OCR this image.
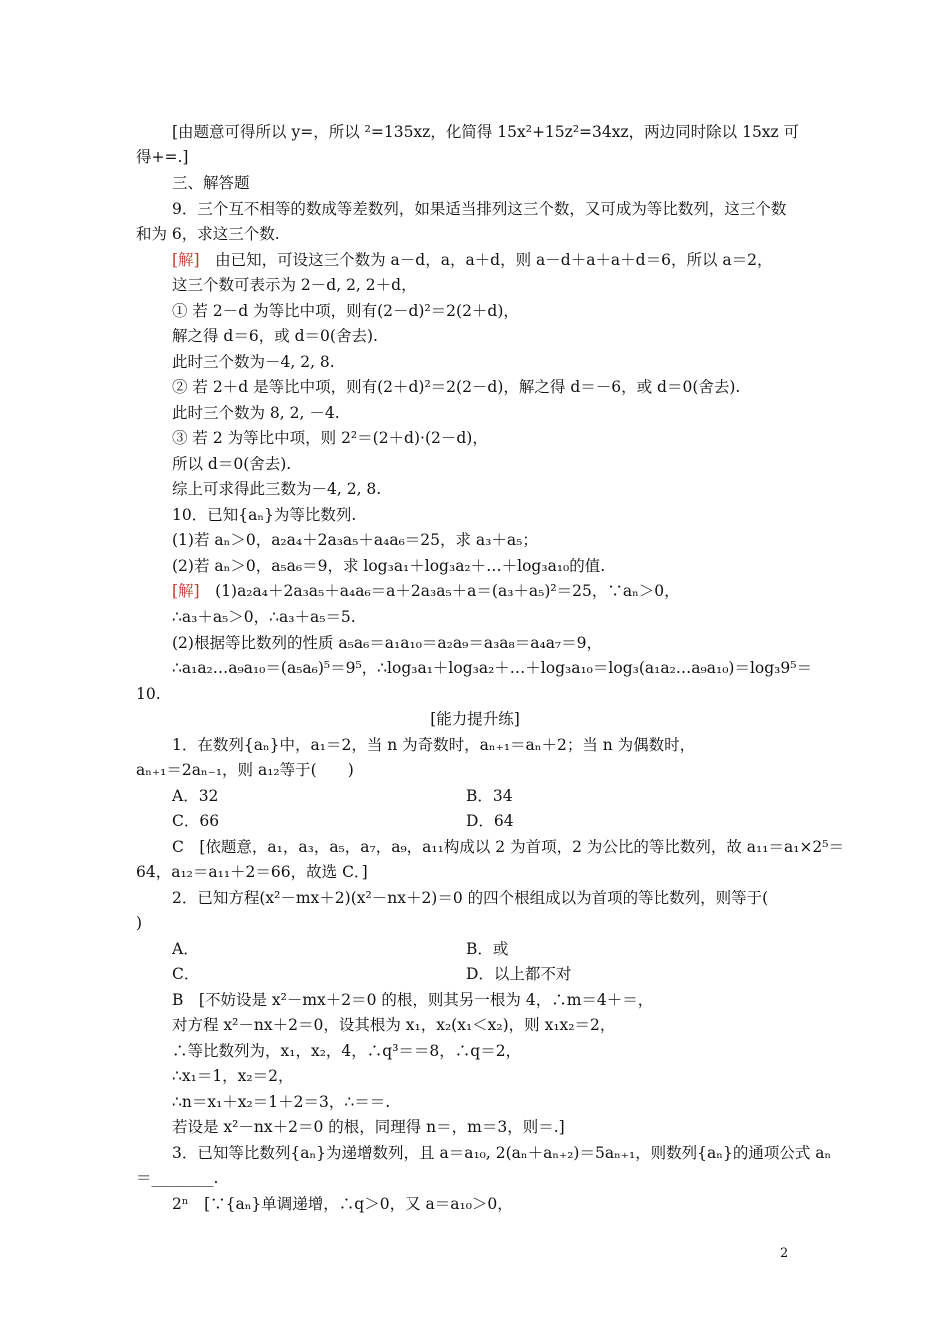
[由题意可得所以 y=，所以 ²=135xz，化简得 15x²+15z²=34xz，两边同时除以 15xz 可
得+=.]
三、解答题
9．三个互不相等的数成等差数列，如果适当排列这三个数，又可成为等比数列，这三个数
和为 6，求这三个数.
[解]　由已知，可设这三个数为 a－d，a，a＋d，则 a－d＋a＋a＋d＝6，所以 a＝2，
这三个数可表示为 2－d, 2, 2＋d，
① 若 2－d 为等比中项，则有(2－d)²＝2(2＋d)，
解之得 d＝6，或 d＝0(舍去).
此时三个数为－4, 2, 8.
② 若 2＋d 是等比中项，则有(2＋d)²＝2(2－d)，解之得 d＝－6，或 d＝0(舍去).
此时三个数为 8, 2, －4.
③ 若 2 为等比中项，则 2²＝(2＋d)·(2－d)，
所以 d＝0(舍去).
综上可求得此三数为－4, 2, 8.
10．已知{aₙ}为等比数列.
(1)若 aₙ＞0，a₂a₄＋2a₃a₅＋a₄a₆＝25，求 a₃＋a₅；
(2)若 aₙ＞0，a₅a₆＝9，求 log₃a₁＋log₃a₂＋…＋log₃a₁₀的值.
[解]　(1)a₂a₄＋2a₃a₅＋a₄a₆＝a＋2a₃a₅＋a＝(a₃＋a₅)²＝25，∵aₙ＞0，
∴a₃＋a₅＞0，∴a₃＋a₅＝5.
(2)根据等比数列的性质 a₅a₆＝a₁a₁₀＝a₂a₉＝a₃a₈＝a₄a₇＝9，
∴a₁a₂…a₉a₁₀＝(a₅a₆)⁵＝9⁵，∴log₃a₁＋log₃a₂＋…＋log₃a₁₀＝log₃(a₁a₂…a₉a₁₀)＝log₃9⁵＝
10.
[能力提升练]
1．在数列{aₙ}中，a₁＝2，当 n 为奇数时，aₙ₊₁＝aₙ＋2；当 n 为偶数时，
aₙ₊₁＝2aₙ₋₁，则 a₁₂等于(　　)
A．32	B．34
C．66	D．64
C　[依题意，a₁，a₃，a₅，a₇，a₉，a₁₁构成以 2 为首项，2 为公比的等比数列，故 a₁₁＝a₁×2⁵＝
64，a₁₂＝a₁₁＋2＝66，故选 C．]
2．已知方程(x²－mx＋2)(x²－nx＋2)＝0 的四个根组成以为首项的等比数列，则等于(
)
A．	B．或
C．	D．以上都不对
B　[不妨设是 x²－mx＋2＝0 的根，则其另一根为 4，∴m＝4＋＝，
对方程 x²－nx＋2＝0，设其根为 x₁，x₂(x₁＜x₂)，则 x₁x₂＝2，
∴等比数列为，x₁，x₂，4，∴q³＝＝8，∴q＝2，
∴x₁＝1，x₂＝2，
∴n＝x₁＋x₂＝1＋2＝3，∴＝＝.
若设是 x²－nx＋2＝0 的根，同理得 n＝，m＝3，则＝.]
3．已知等比数列{aₙ}为递增数列，且 a＝a₁₀, 2(aₙ＋aₙ₊₂)＝5aₙ₊₁，则数列{aₙ}的通项公式 aₙ
＝________.
2ⁿ　[∵{aₙ}单调递增，∴q＞0，又 a＝a₁₀＞0，
2
